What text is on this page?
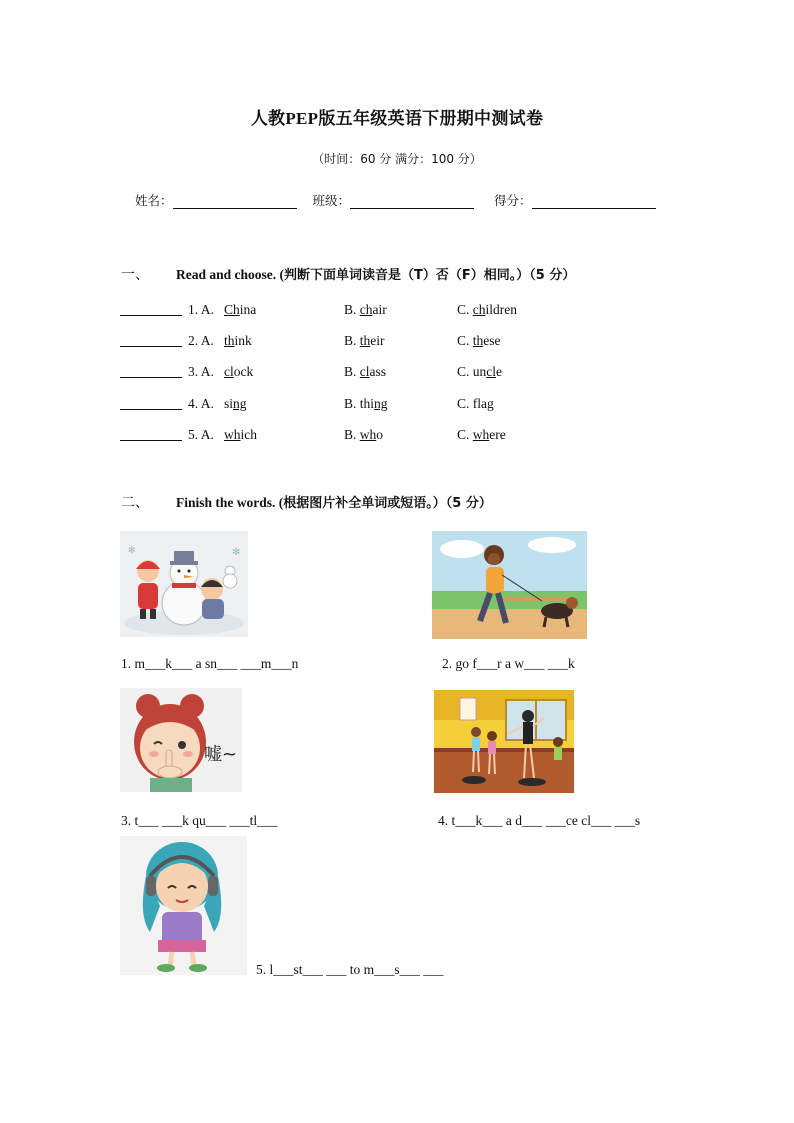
人教PEP版五年级英语下册期中测试卷
（时间：60 分 满分：100 分）
姓名：	班级：	得分：
一、 Read and choose. (判断下面单词读音是（T）否（F）相同。）（5 分）
1. A. China	B. chair	C. children
2. A. think	B. their	C. these
3. A. clock	B. class	C. uncle
4. A. sing	B. thing	C. flag
5. A. which	B. who	C. where
二、 Finish the words. (根据图片补全单词或短语。）（5 分）
✻
✻
1. m___k___ a sn___ ___m___n	2. go f___r a w___ ___k
嘘~
3. t___ ___k qu___ ___tl___	4. t___k___ a d___ ___ce cl___ ___s
5. l___st___ ___ to m___s___ ___
